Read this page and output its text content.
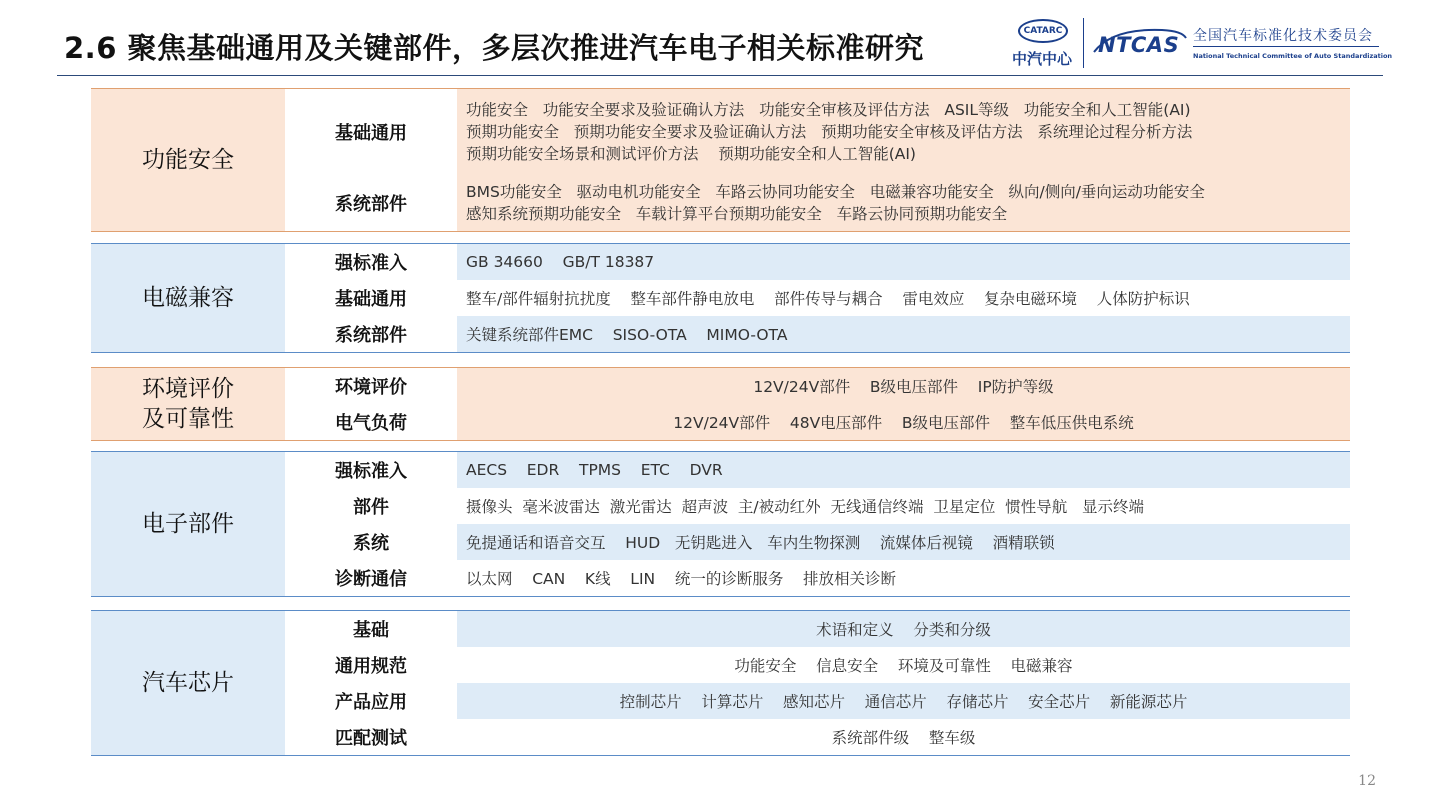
2.6 聚焦基础通用及关键部件，多层次推进汽车电子相关标准研究	CATARC
中汽中心
NTCAS 全国汽车标准化技术委员会
National Technical Committee of Auto Standardization
功能安全
基础通用
功能安全   功能安全要求及验证确认方法   功能安全审核及评估方法   ASIL等级   功能安全和人工智能(AI)
预期功能安全   预期功能安全要求及验证确认方法   预期功能安全审核及评估方法   系统理论过程分析方法
预期功能安全场景和测试评价方法    预期功能安全和人工智能(AI)
系统部件
BMS功能安全   驱动电机功能安全   车路云协同功能安全   电磁兼容功能安全   纵向/侧向/垂向运动功能安全
感知系统预期功能安全   车载计算平台预期功能安全   车路云协同预期功能安全
电磁兼容
强标准入	GB 34660    GB/T 18387
基础通用	整车/部件辐射抗扰度    整车部件静电放电    部件传导与耦合    雷电效应    复杂电磁环境    人体防护标识
系统部件	关键系统部件EMC    SISO-OTA    MIMO-OTA
环境评价
及可靠性
环境评价	12V/24V部件    B级电压部件    IP防护等级
电气负荷	12V/24V部件    48V电压部件    B级电压部件    整车低压供电系统
电子部件
强标准入	AECS    EDR    TPMS    ETC    DVR
部件	摄像头  毫米波雷达  激光雷达  超声波  主/被动红外  无线通信终端  卫星定位  惯性导航   显示终端
系统	免提通话和语音交互    HUD   无钥匙进入   车内生物探测    流媒体后视镜    酒精联锁
诊断通信	以太网    CAN    K线    LIN    统一的诊断服务    排放相关诊断
汽车芯片
基础	术语和定义    分类和分级
通用规范	功能安全    信息安全    环境及可靠性    电磁兼容
产品应用	控制芯片    计算芯片    感知芯片    通信芯片    存储芯片    安全芯片    新能源芯片
匹配测试	系统部件级    整车级
12
